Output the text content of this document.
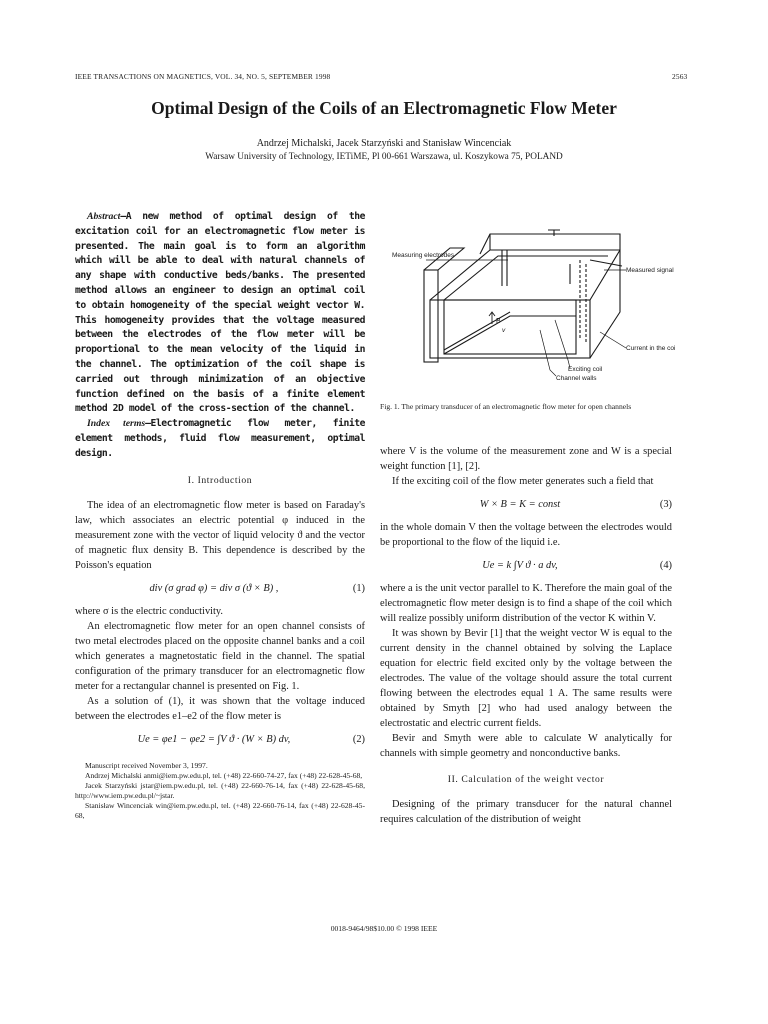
IEEE TRANSACTIONS ON MAGNETICS, VOL. 34, NO. 5, SEPTEMBER 1998	2563
Optimal Design of the Coils of an Electromagnetic Flow Meter
Andrzej Michalski, Jacek Starzyński and Stanisław Wincenciak
Warsaw University of Technology, IETiME, Pl 00-661 Warszawa, ul. Koszykowa 75, POLAND

Abstract—A new method of optimal design of the excitation coil for an electromagnetic flow meter is presented. The main goal is to form an algorithm which will be able to deal with natural channels of any shape with conductive beds/banks. The presented method allows an engineer to design an optimal coil to obtain homogeneity of the special weight vector W. This homogeneity provides that the voltage measured between the electrodes of the flow meter will be proportional to the mean velocity of the liquid in the channel. The optimization of the coil shape is carried out through minimization of an objective function defined on the basis of a finite element method 2D model of the cross-section of the channel.

Index terms—Electromagnetic flow meter, finite element methods, fluid flow measurement, optimal design.

I. Introduction

The idea of an electromagnetic flow meter is based on Faraday's law, which associates an electric potential φ induced in the measurement zone with the vector of liquid velocity ϑ and the vector of magnetic flux density B. This dependence is described by the Poisson's equation

div (σ grad φ) = div σ (ϑ × B) ,	(1)

where σ is the electric conductivity.

An electromagnetic flow meter for an open channel consists of two metal electrodes placed on the opposite channel banks and a coil which generates a magnetostatic field in the channel. The spatial configuration of the primary transducer for an electromagnetic flow meter for a rectangular channel is presented on Fig. 1.

As a solution of (1), it was shown that the voltage induced between the electrodes e1–e2 of the flow meter is

Ue = φe1 − φe2 = ∫V ϑ · (W × B) dv,	(2)

Manuscript received November 3, 1997.

Andrzej Michalski anmi@iem.pw.edu.pl, tel. (+48) 22-660-74-27, fax (+48) 22-628-45-68,

Jacek Starzyński jstar@iem.pw.edu.pl, tel. (+48) 22-660-76-14, fax (+48) 22-628-45-68, http://www.iem.pw.edu.pl/~jstar.

Stanisław Wincenciak win@iem.pw.edu.pl, tel. (+48) 22-660-76-14, fax (+48) 22-628-45-68,

Measuring electrodes
Measured signal
Current in the coil
Exciting coil
Channel walls
B
v
Fig. 1. The primary transducer of an electromagnetic flow meter for open channels

where V is the volume of the measurement zone and W is a special weight function [1], [2].

If the exciting coil of the flow meter generates such a field that

W × B = K = const	(3)

in the whole domain V then the voltage between the electrodes would be proportional to the flow of the liquid i.e.

Ue = k ∫V ϑ · a dv,	(4)

where a is the unit vector parallel to K. Therefore the main goal of the electromagnetic flow meter design is to find a shape of the coil which will realize possibly uniform distribution of the vector K within V.

It was shown by Bevir [1] that the weight vector W is equal to the current density in the channel obtained by solving the Laplace equation for electric field excited only by the voltage between the electrodes. The value of the voltage should assure the total current flowing between the electrodes equal 1 A. The same results were obtained by Smyth [2] who had used analogy between the electrostatic and electric current fields.

Bevir and Smyth were able to calculate W analytically for channels with simple geometry and nonconductive banks.

II. Calculation of the weight vector

Designing of the primary transducer for the natural channel requires calculation of the distribution of weight

0018-9464/98$10.00 © 1998 IEEE
